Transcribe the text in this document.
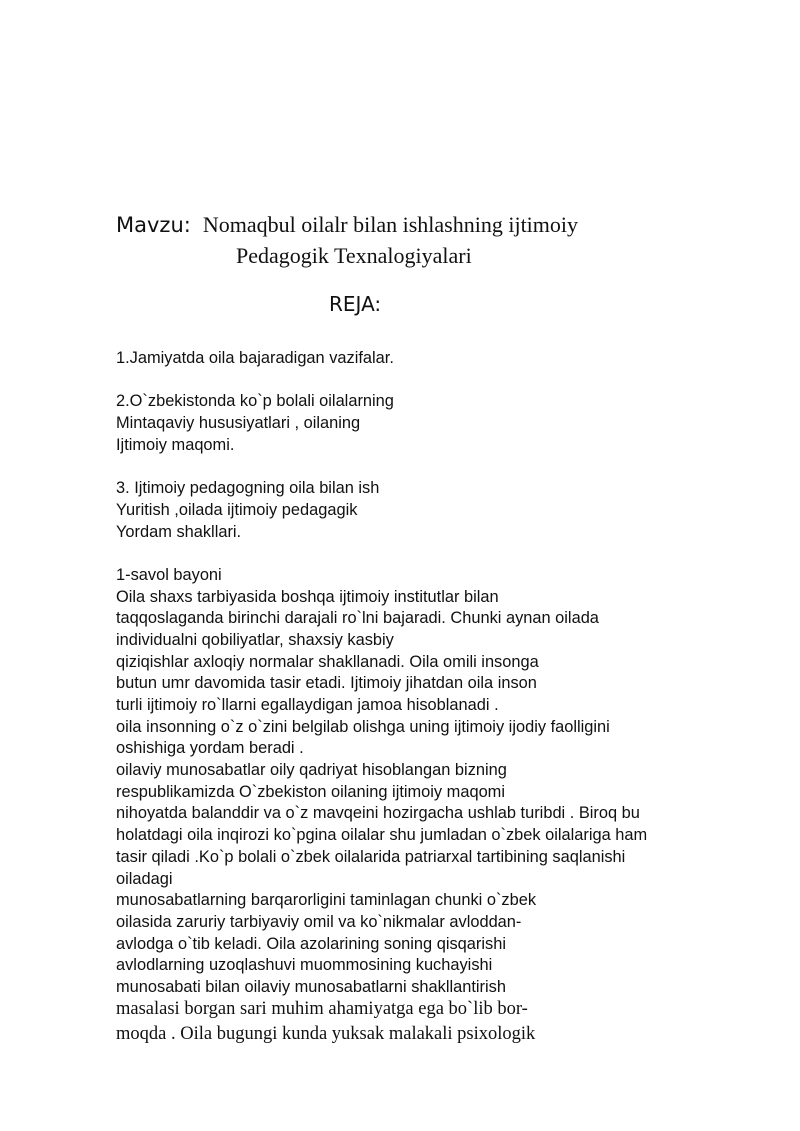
Mavzu: Nomaqbul oilalr bilan ishlashning ijtimoiy
Pedagogik Texnalogiyalari
REJA:
1.Jamiyatda oila bajaradigan vazifalar.
2.O`zbekistonda ko`p bolali oilalarning
Mintaqaviy hususiyatlari , oilaning
Ijtimoiy maqomi.
3. Ijtimoiy pedagogning oila bilan ish
Yuritish ,oilada ijtimoiy pedagagik
Yordam shakllari.
1-savol bayoni
Oila shaxs tarbiyasida boshqa ijtimoiy institutlar bilan
taqqoslaganda birinchi darajali ro`lni bajaradi. Chunki aynan oilada
individualni qobiliyatlar, shaxsiy kasbiy
qiziqishlar axloqiy normalar shakllanadi. Oila omili insonga
butun umr davomida tasir etadi. Ijtimoiy jihatdan oila inson
turli ijtimoiy ro`llarni egallaydigan jamoa hisoblanadi .
oila insonning o`z o`zini belgilab olishga uning ijtimoiy ijodiy faolligini
oshishiga yordam beradi .
oilaviy munosabatlar oily qadriyat hisoblangan bizning
respublikamizda O`zbekiston oilaning ijtimoiy maqomi
nihoyatda balanddir va o`z mavqeini hozirgacha ushlab turibdi . Biroq bu
holatdagi oila inqirozi ko`pgina oilalar shu jumladan o`zbek oilalariga ham
tasir qiladi .Ko`p bolali o`zbek oilalarida patriarxal tartibining saqlanishi
oiladagi
munosabatlarning barqarorligini taminlagan chunki o`zbek
oilasida zaruriy tarbiyaviy omil va ko`nikmalar avloddan-
avlodga o`tib keladi. Oila azolarining soning qisqarishi
avlodlarning uzoqlashuvi muommosining kuchayishi
munosabati bilan oilaviy munosabatlarni shakllantirish
masalasi borgan sari muhim ahamiyatga ega bo`lib bor-
moqda . Oila bugungi kunda yuksak malakali psixologik
